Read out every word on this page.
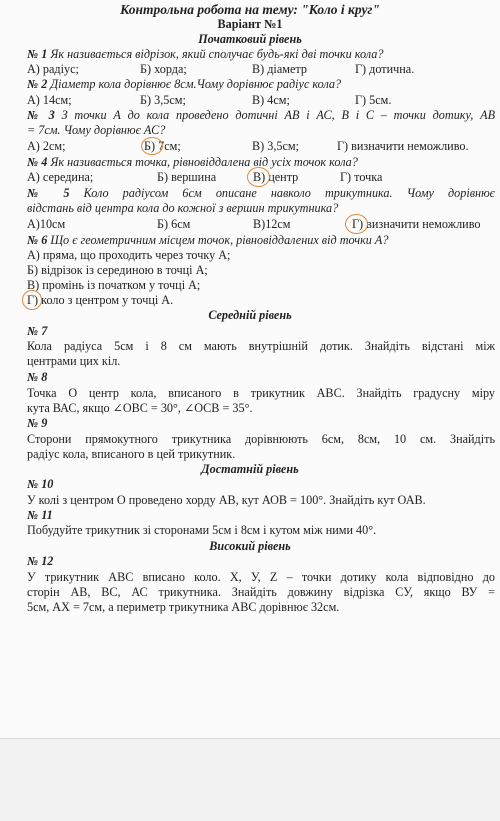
Контрольна робота на тему: "Коло і круг"
Варіант №1
Початковий рівень
№ 1 Як називається відрізок, який сполучає будь-які дві точки кола?
А) радіус;	Б) хорда;	В) діаметр	Г) дотична.
№ 2 Діаметр кола дорівнює 8см.Чому дорівнює радіус кола?
А) 14см;	Б) 3,5см;	В) 4см;	Г) 5см.
№ 3 З точки А до кола проведено дотичні АВ і АС, В і С – точки дотику, АВ
= 7см. Чому дорівнює АС?
А) 2см;	Б) 7см;	В) 3,5см;	Г) визначити неможливо.
№ 4 Як називається точка, рівновіддалена від усіх точок кола?
А) середина;	Б) вершина	В) центр	Г) точка
№ 5 Коло радіусом 6см описане навколо трикутника. Чому дорівнює
відстань від центра кола до кожної з вершин трикутника?
А)10см	Б) 6см	В)12см	Г) визначити неможливо
№ 6 Що є геометричним місцем точок, рівновіддалених від точки А?
А) пряма, що проходить через точку А;
Б) відрізок із серединою в точці А;
В) промінь із початком у точці А;
Г) коло з центром у точці А.
Середній рівень
№ 7
Кола радіуса 5см і 8 см мають внутрішній дотик. Знайдіть відстані між
центрами цих кіл.
№ 8
Точка О центр кола, вписаного в трикутник АВС. Знайдіть градусну міру
кута ВАС, якщо ∠ОВС = 30°, ∠ОСВ = 35°.
№ 9
Сторони прямокутного трикутника дорівнюють 6см, 8см, 10 см. Знайдіть
радіус кола, вписаного в цей трикутник.
Достатній рівень
№ 10
У колі з центром О проведено хорду АВ, кут АОВ = 100°. Знайдіть кут ОАВ.
№ 11
Побудуйте трикутник зі сторонами 5см і 8см і кутом між ними 40°.
Високий рівень
№ 12
У трикутник АВС вписано коло. Х, У, Z – точки дотику кола відповідно до
сторін АВ, ВС, АС трикутника. Знайдіть довжину відрізка СУ, якщо ВУ =
5см, АХ = 7см, а периметр трикутника АВС дорівнює 32см.
